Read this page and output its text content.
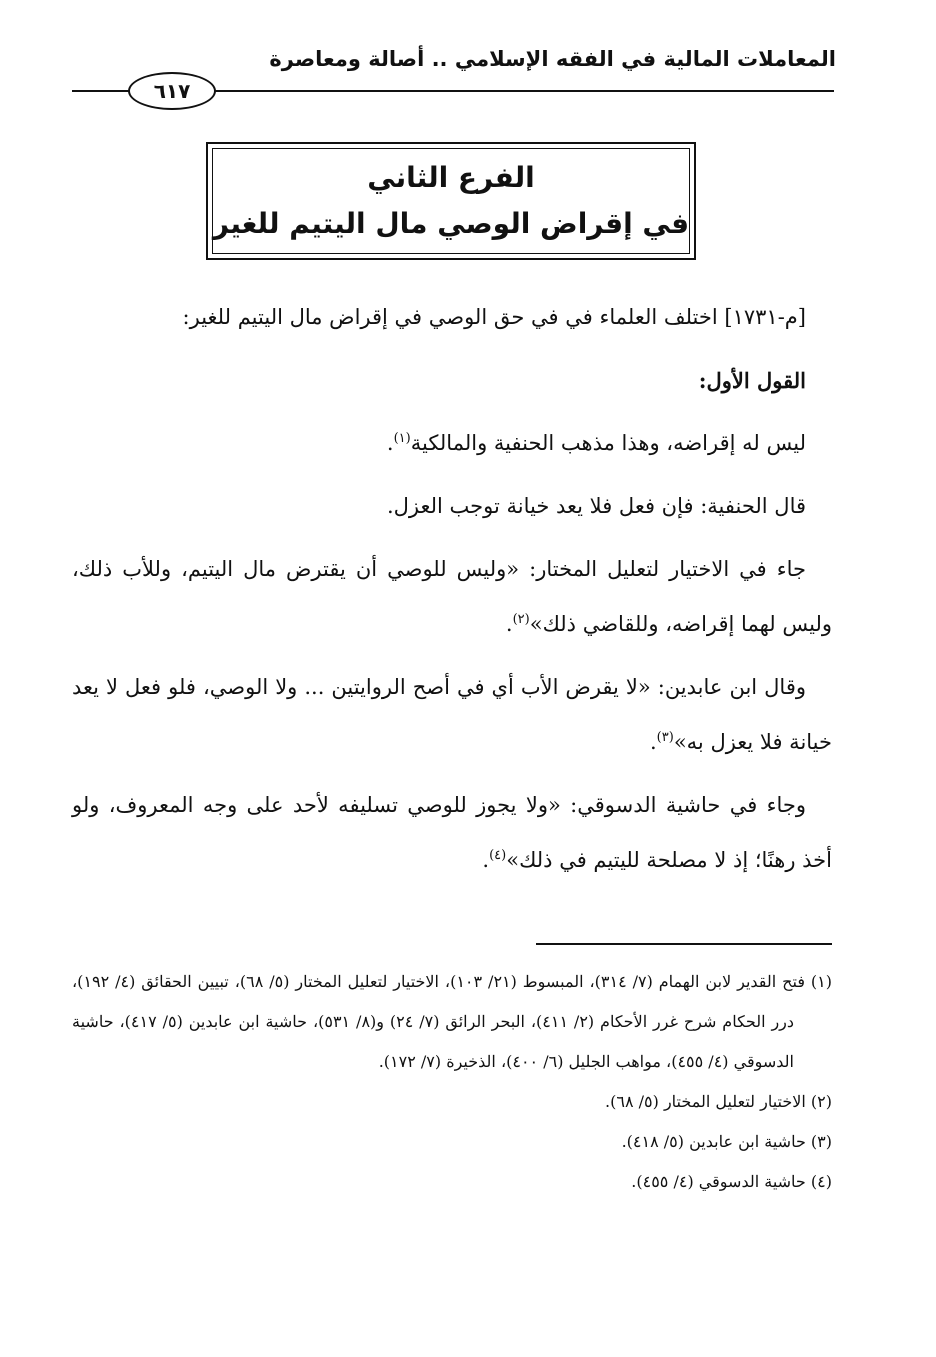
المعاملات المالية في الفقه الإسلامي .. أصالة ومعاصرة
٦١٧
الفرع الثاني
في إقراض الوصي مال اليتيم للغير

[م-١٧٣١] اختلف العلماء في في حق الوصي في إقراض مال اليتيم للغير:

القول الأول:

ليس له إقراضه، وهذا مذهب الحنفية والمالكية$^{(١)}$.

قال الحنفية: فإن فعل فلا يعد خيانة توجب العزل.

جاء في الاختيار لتعليل المختار: «وليس للوصي أن يقترض مال اليتيم، وللأب ذلك، وليس لهما إقراضه، وللقاضي ذلك»$^{(٢)}$.

وقال ابن عابدين: «لا يقرض الأب أي في أصح الروايتين ... ولا الوصي، فلو فعل لا يعد خيانة فلا يعزل به»$^{(٣)}$.

وجاء في حاشية الدسوقي: «ولا يجوز للوصي تسليفه لأحد على وجه المعروف، ولو أخذ رهنًا؛ إذ لا مصلحة لليتيم في ذلك»$^{(٤)}$.

(١) فتح القدير لابن الهمام (٧/ ٣١٤)، المبسوط (٢١/ ١٠٣)، الاختيار لتعليل المختار (٥/ ٦٨)، تبيين الحقائق (٤/ ١٩٢)، درر الحكام شرح غرر الأحكام (٢/ ٤١١)، البحر الرائق (٧/ ٢٤) و(٨/ ٥٣١)، حاشية ابن عابدين (٥/ ٤١٧)، حاشية الدسوقي (٤/ ٤٥٥)، مواهب الجليل (٦/ ٤٠٠)، الذخيرة (٧/ ١٧٢).

(٢) الاختيار لتعليل المختار (٥/ ٦٨).

(٣) حاشية ابن عابدين (٥/ ٤١٨).

(٤) حاشية الدسوقي (٤/ ٤٥٥).
